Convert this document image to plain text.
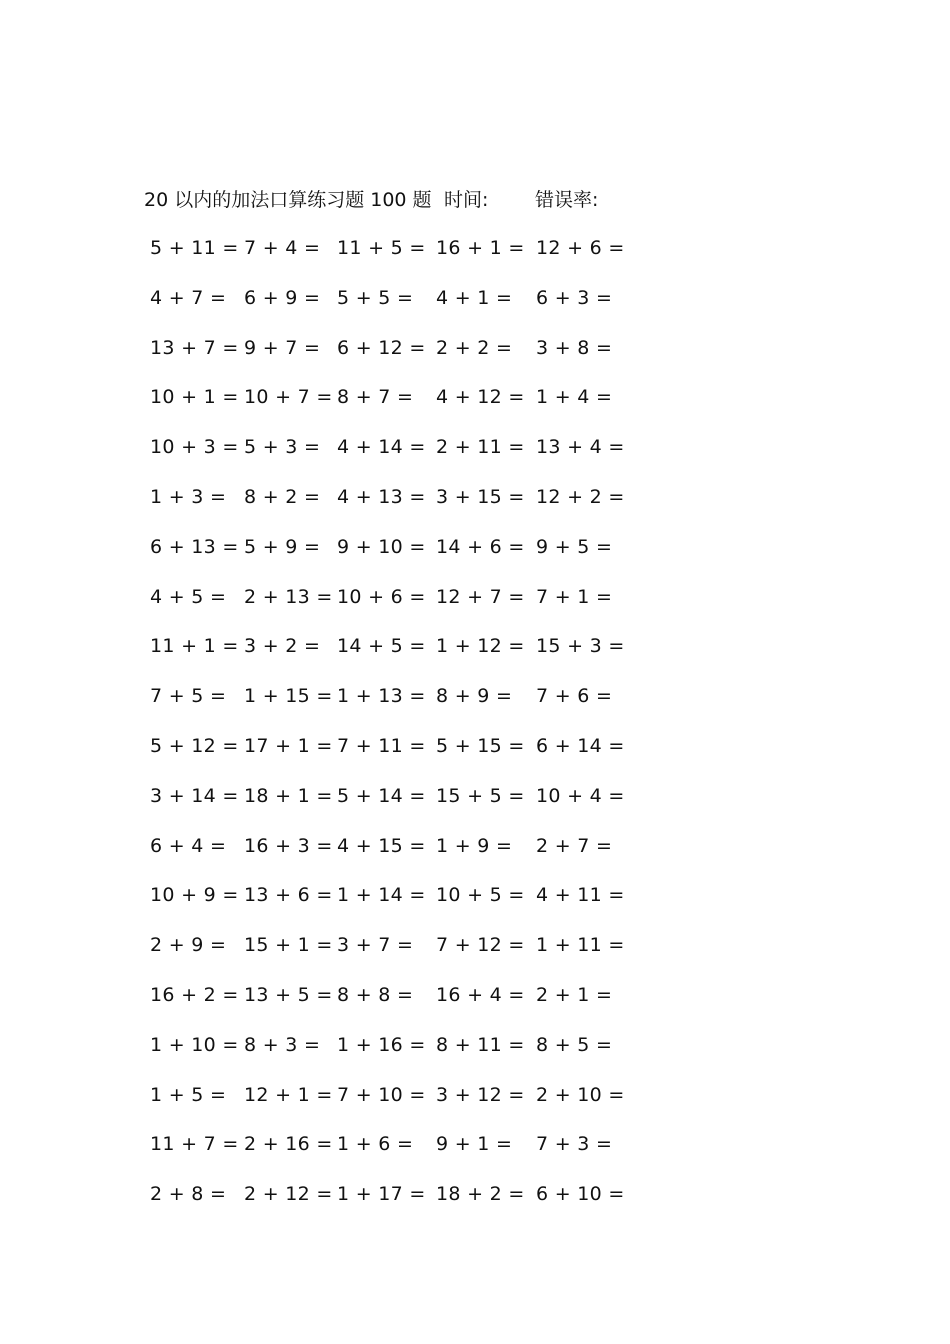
20 以内的加法口算练习题 100 题 时间: 错误率:
5 + 11 = 7 + 4 = 11 + 5 = 16 + 1 = 12 + 6 =
4 + 7 = 6 + 9 = 5 + 5 = 4 + 1 = 6 + 3 =
13 + 7 = 9 + 7 = 6 + 12 = 2 + 2 = 3 + 8 =
10 + 1 = 10 + 7 = 8 + 7 = 4 + 12 = 1 + 4 =
10 + 3 = 5 + 3 = 4 + 14 = 2 + 11 = 13 + 4 =
1 + 3 = 8 + 2 = 4 + 13 = 3 + 15 = 12 + 2 =
6 + 13 = 5 + 9 = 9 + 10 = 14 + 6 = 9 + 5 =
4 + 5 = 2 + 13 = 10 + 6 = 12 + 7 = 7 + 1 =
11 + 1 = 3 + 2 = 14 + 5 = 1 + 12 = 15 + 3 =
7 + 5 = 1 + 15 = 1 + 13 = 8 + 9 = 7 + 6 =
5 + 12 = 17 + 1 = 7 + 11 = 5 + 15 = 6 + 14 =
3 + 14 = 18 + 1 = 5 + 14 = 15 + 5 = 10 + 4 =
6 + 4 = 16 + 3 = 4 + 15 = 1 + 9 = 2 + 7 =
10 + 9 = 13 + 6 = 1 + 14 = 10 + 5 = 4 + 11 =
2 + 9 = 15 + 1 = 3 + 7 = 7 + 12 = 1 + 11 =
16 + 2 = 13 + 5 = 8 + 8 = 16 + 4 = 2 + 1 =
1 + 10 = 8 + 3 = 1 + 16 = 8 + 11 = 8 + 5 =
1 + 5 = 12 + 1 = 7 + 10 = 3 + 12 = 2 + 10 =
11 + 7 = 2 + 16 = 1 + 6 = 9 + 1 = 7 + 3 =
2 + 8 = 2 + 12 = 1 + 17 = 18 + 2 = 6 + 10 =
